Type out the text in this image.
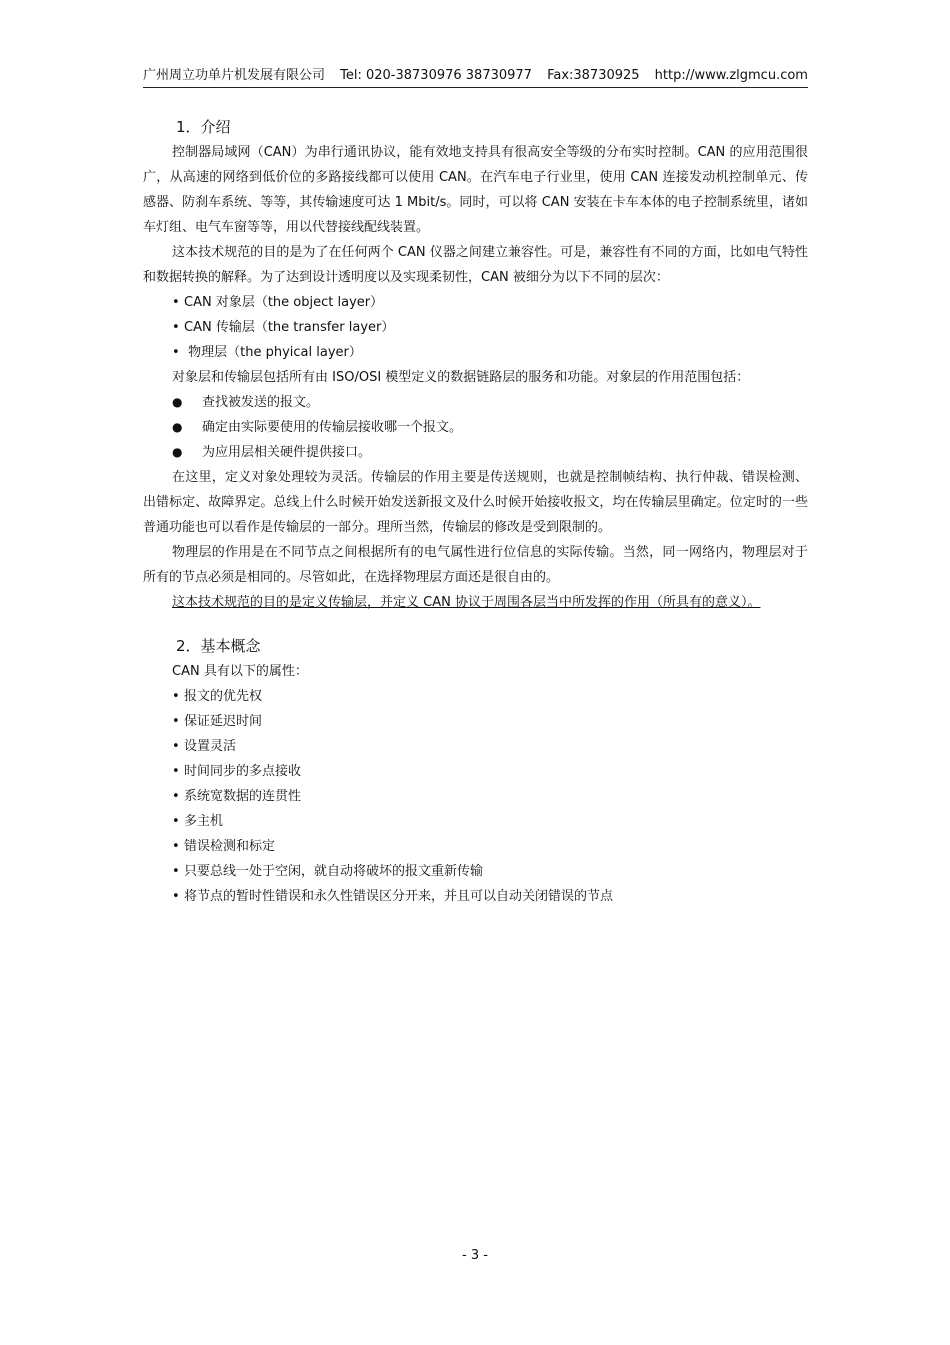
广州周立功单片机发展有限公司 Tel: 020-38730976 38730977 Fax:38730925 http://www.zlgmcu.com
1．介绍

控制器局域网（CAN）为串行通讯协议，能有效地支持具有很高安全等级的分布实时控制。CAN 的应用范围很广，从高速的网络到低价位的多路接线都可以使用 CAN。在汽车电子行业里，使用 CAN 连接发动机控制单元、传感器、防刹车系统、等等，其传输速度可达 1 Mbit/s。同时，可以将 CAN 安装在卡车本体的电子控制系统里，诸如车灯组、电气车窗等等，用以代替接线配线装置。

这本技术规范的目的是为了在任何两个 CAN 仪器之间建立兼容性。可是，兼容性有不同的方面，比如电气特性和数据转换的解释。为了达到设计透明度以及实现柔韧性，CAN 被细分为以下不同的层次：

• CAN 对象层（the object layer）
• CAN 传输层（the transfer layer）
• 物理层（the phyical layer）

对象层和传输层包括所有由 ISO/OSI 模型定义的数据链路层的服务和功能。对象层的作用范围包括：

● 查找被发送的报文。
● 确定由实际要使用的传输层接收哪一个报文。
● 为应用层相关硬件提供接口。

在这里，定义对象处理较为灵活。传输层的作用主要是传送规则，也就是控制帧结构、执行仲裁、错误检测、出错标定、故障界定。总线上什么时候开始发送新报文及什么时候开始接收报文，均在传输层里确定。位定时的一些普通功能也可以看作是传输层的一部分。理所当然，传输层的修改是受到限制的。

物理层的作用是在不同节点之间根据所有的电气属性进行位信息的实际传输。当然，同一网络内，物理层对于所有的节点必须是相同的。尽管如此，在选择物理层方面还是很自由的。

这本技术规范的目的是定义传输层，并定义 CAN 协议于周围各层当中所发挥的作用（所具有的意义）。

2．基本概念

CAN 具有以下的属性：

• 报文的优先权
• 保证延迟时间
• 设置灵活
• 时间同步的多点接收
• 系统宽数据的连贯性
• 多主机
• 错误检测和标定
• 只要总线一处于空闲，就自动将破坏的报文重新传输
• 将节点的暂时性错误和永久性错误区分开来，并且可以自动关闭错误的节点
- 3 -
